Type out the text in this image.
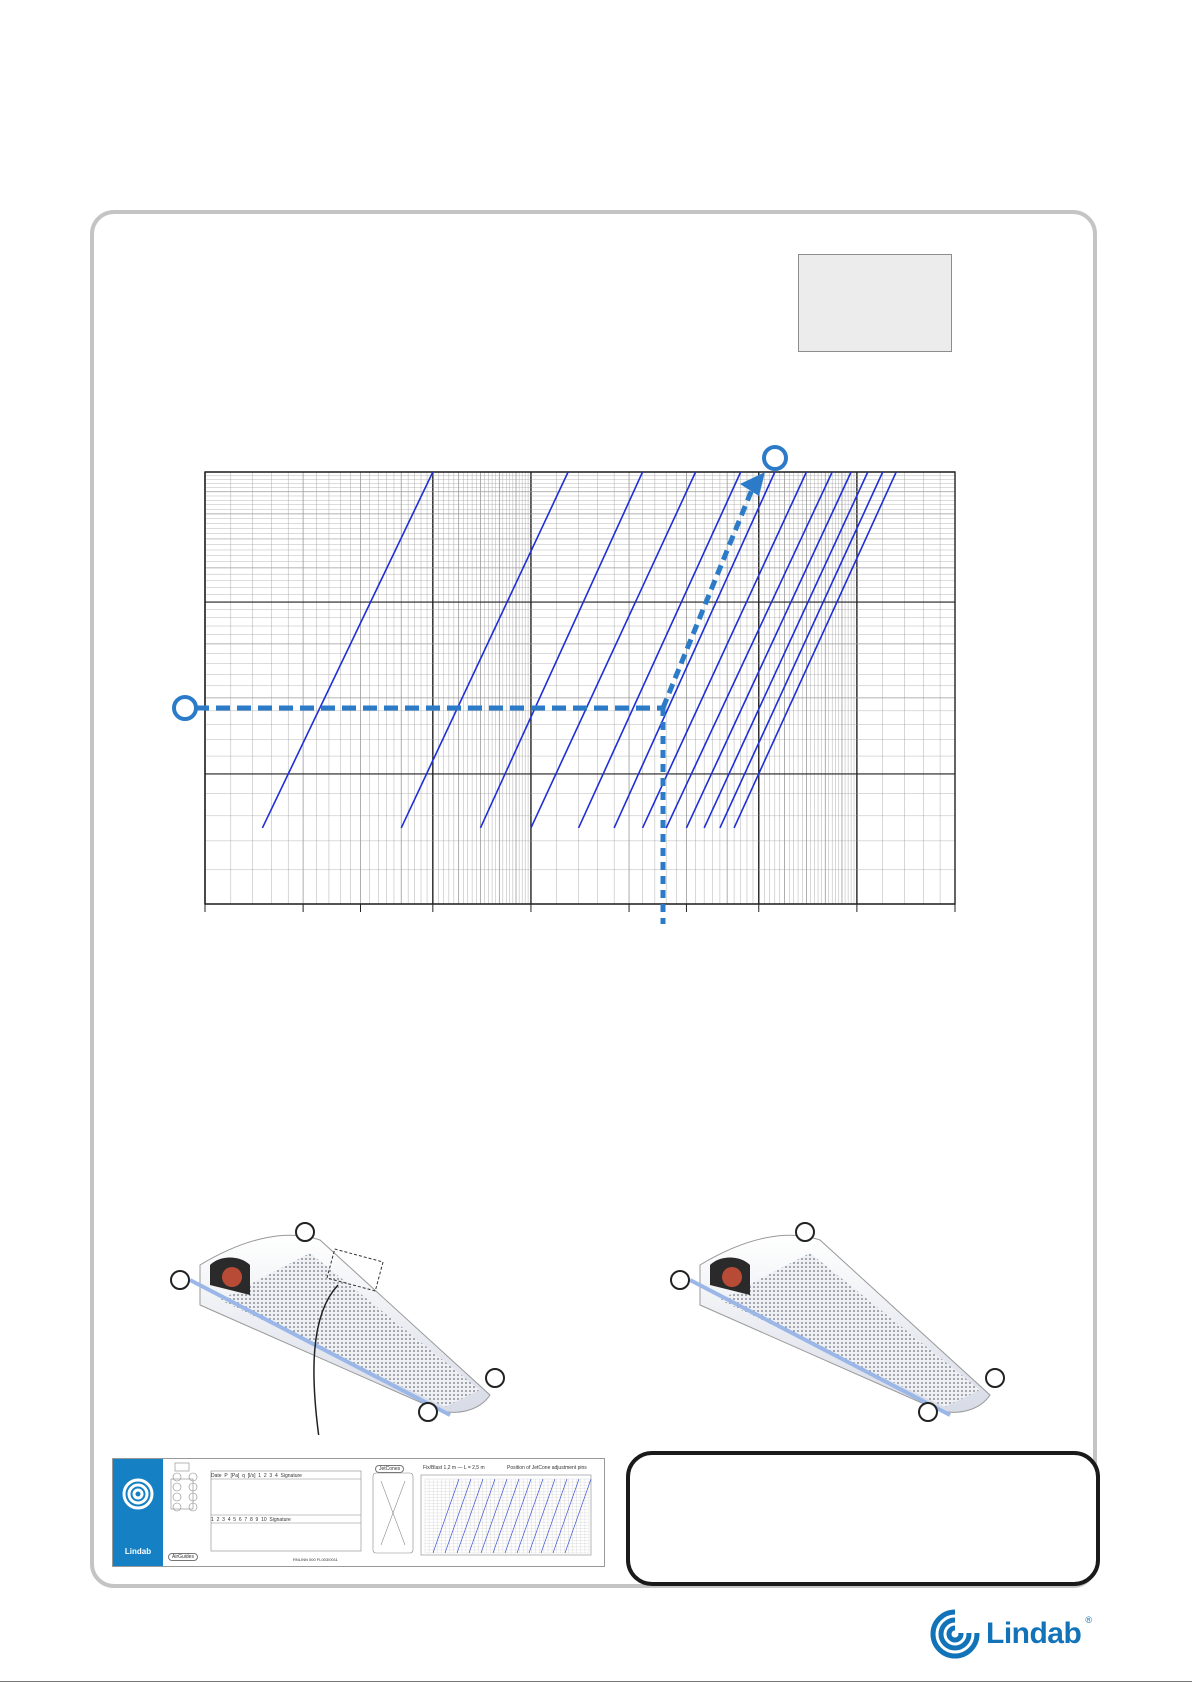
Lindab
Date P [Pa] q [l/s] 1 2 3 4 Signature
1 2 3 4 5 6 7 8 9 10 Signature
JetCones
AirGuides
Fix/Blast 1,2 m — L = 2,5 m	Position of JetCone adjustment pins
RNLINN 000 FL003/0011
Lindab ®
